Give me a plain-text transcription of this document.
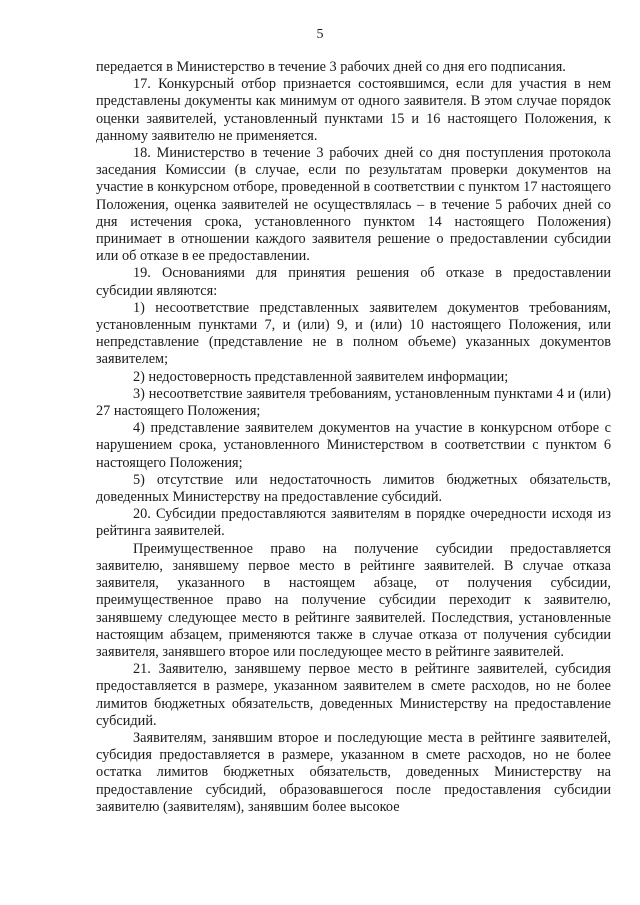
5

передается в Министерство в течение 3 рабочих дней со дня его подписания.

17. Конкурсный отбор признается состоявшимся, если для участия в нем представлены документы как минимум от одного заявителя. В этом случае порядок оценки заявителей, установленный пунктами 15 и 16 настоящего Положения, к данному заявителю не применяется.

18. Министерство в течение 3 рабочих дней со дня поступления протокола заседания Комиссии (в случае, если по результатам проверки документов на участие в конкурсном отборе, проведенной в соответствии с пунктом 17 настоящего Положения, оценка заявителей не осуществлялась – в течение 5 рабочих дней со дня истечения срока, установленного пунктом 14 настоящего Положения) принимает в отношении каждого заявителя решение о предоставлении субсидии или об отказе в ее предоставлении.

19. Основаниями для принятия решения об отказе в предоставлении субсидии являются:

1) несоответствие представленных заявителем документов требованиям, установленным пунктами 7, и (или) 9, и (или) 10 настоящего Положения, или непредставление (представление не в полном объеме) указанных документов заявителем;

2) недостоверность представленной заявителем информации;

3) несоответствие заявителя требованиям, установленным пунктами 4 и (или) 27 настоящего Положения;

4) представление заявителем документов на участие в конкурсном отборе с нарушением срока, установленного Министерством в соответствии с пунктом 6 настоящего Положения;

5) отсутствие или недостаточность лимитов бюджетных обязательств, доведенных Министерству на предоставление субсидий.

20. Субсидии предоставляются заявителям в порядке очередности исходя из рейтинга заявителей.

Преимущественное право на получение субсидии предоставляется заявителю, занявшему первое место в рейтинге заявителей. В случае отказа заявителя, указанного в настоящем абзаце, от получения субсидии, преимущественное право на получение субсидии переходит к заявителю, занявшему следующее место в рейтинге заявителей. Последствия, установленные настоящим абзацем, применяются также в случае отказа от получения субсидии заявителя, занявшего второе или последующее место в рейтинге заявителей.

21. Заявителю, занявшему первое место в рейтинге заявителей, субсидия предоставляется в размере, указанном заявителем в смете расходов, но не более лимитов бюджетных обязательств, доведенных Министерству на предоставление субсидий.

Заявителям, занявшим второе и последующие места в рейтинге заявителей, субсидия предоставляется в размере, указанном в смете расходов, но не более остатка лимитов бюджетных обязательств, доведенных Министерству на предоставление субсидий, образовавшегося после предоставления субсидии заявителю (заявителям), занявшим более высокое
